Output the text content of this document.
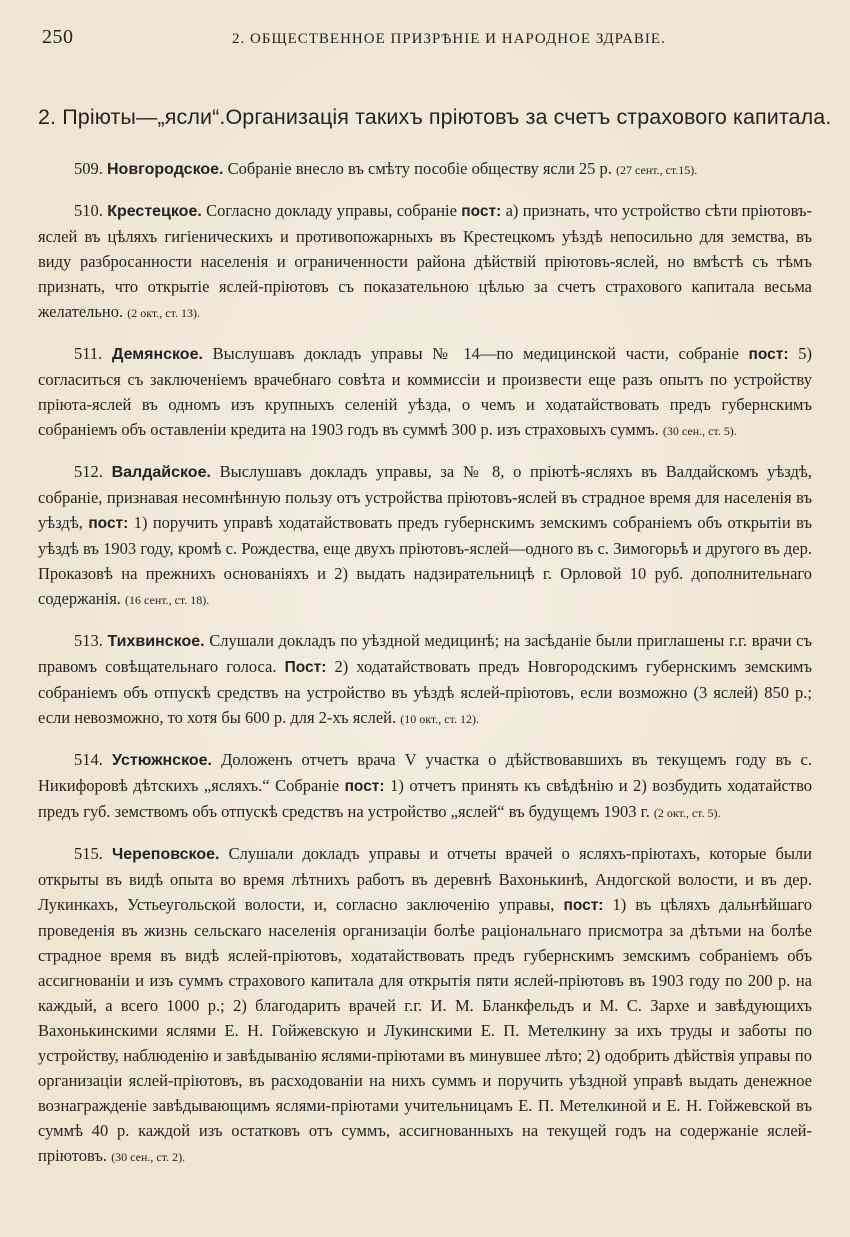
250	2. ОБЩЕСТВЕННОЕ ПРИЗРѢНІЕ И НАРОДНОЕ ЗДРАВІЕ.
2. Пріюты—„ясли“.Организація такихъ пріютовъ за счетъ страхового капитала.

509. Новгородское. Собраніе внесло въ смѣту пособіе обществу ясли 25 р. (27 сент., ст.15).

510. Крестецкое. Согласно докладу управы, собраніе пост: а) признать, что устройство сѣти пріютовъ-яслей въ цѣляхъ гигіеническихъ и противопожарныхъ въ Крестецкомъ уѣздѣ непосильно для земства, въ виду разбросанности населенія и ограниченности района дѣйствій пріютовъ-яслей, но вмѣстѣ съ тѣмъ признать, что открытіе яслей-пріютовъ съ показательною цѣлью за счетъ страхового капитала весьма желательно. (2 окт., ст. 13).

511. Демянское. Выслушавъ докладъ управы № 14—по медицинской части, собраніе пост: 5) согласиться съ заключеніемъ врачебнаго совѣта и коммиссіи и произвести еще разъ опытъ по устройству пріюта-яслей въ одномъ изъ крупныхъ селеній уѣзда, о чемъ и ходатайствовать предъ губернскимъ собраніемъ объ оставленіи кредита на 1903 годъ въ суммѣ 300 р. изъ страховыхъ суммъ. (30 сен., ст. 5).

512. Валдайское. Выслушавъ докладъ управы, за № 8, о пріютѣ-ясляхъ въ Валдайскомъ уѣздѣ, собраніе, признавая несомнѣнную пользу отъ устройства пріютовъ-яслей въ страдное время для населенія въ уѣздѣ, пост: 1) поручить управѣ ходатайствовать предъ губернскимъ земскимъ собраніемъ объ открытіи въ уѣздѣ въ 1903 году, кромѣ с. Рождества, еще двухъ пріютовъ-яслей—одного въ с. Зимогорьѣ и другого въ дер. Проказовѣ на прежнихъ основаніяхъ и 2) выдать надзирательницѣ г. Орловой 10 руб. дополнительнаго содержанія. (16 сент., ст. 18).

513. Тихвинское. Слушали докладъ по уѣздной медицинѣ; на засѣданіе были приглашены г.г. врачи съ правомъ совѣщательнаго голоса. Пост: 2) ходатайствовать предъ Новгородскимъ губернскимъ земскимъ собраніемъ объ отпускѣ средствъ на устройство въ уѣздѣ яслей-пріютовъ, если возможно (3 яслей) 850 р.; если невозможно, то хотя бы 600 р. для 2-хъ яслей. (10 окт., ст. 12).

514. Устюжнское. Доложенъ отчетъ врача V участка о дѣйствовавшихъ въ текущемъ году въ с. Никифоровѣ дѣтскихъ „ясляхъ.“ Собраніе пост: 1) отчетъ принять къ свѣдѣнію и 2) возбудить ходатайство предъ губ. земствомъ объ отпускѣ средствъ на устройство „яслей“ въ будущемъ 1903 г. (2 окт., ст. 5).

515. Череповское. Слушали докладъ управы и отчеты врачей о ясляхъ-пріютахъ, которые были открыты въ видѣ опыта во время лѣтнихъ работъ въ деревнѣ Вахонькинѣ, Андогской волости, и въ дер. Лукинкахъ, Устьеугольской волости, и, согласно заключенію управы, пост: 1) въ цѣляхъ дальнѣйшаго проведенія въ жизнь сельскаго населенія организаціи болѣе раціональнаго присмотра за дѣтьми на болѣе страдное время въ видѣ яслей-пріютовъ, ходатайствовать предъ губернскимъ земскимъ собраніемъ объ ассигнованіи и изъ суммъ страхового капитала для открытія пяти яслей-пріютовъ въ 1903 году по 200 р. на каждый, а всего 1000 р.; 2) благодарить врачей г.г. И. М. Бланкфельдъ и М. С. Зархе и завѣдующихъ Вахонькинскими яслями Е. Н. Гойжевскую и Лукинскими Е. П. Метелкину за ихъ труды и заботы по устройству, наблюденію и завѣдыванію яслями-пріютами въ минувшее лѣто; 2) одобрить дѣйствія управы по организаціи яслей-пріютовъ, въ расходованіи на нихъ суммъ и поручить уѣздной управѣ выдать денежное вознагражденіе завѣдывающимъ яслями-пріютами учительницамъ Е. П. Метелкиной и Е. Н. Гойжевской въ суммѣ 40 р. каждой изъ остатковъ отъ суммъ, ассигнованныхъ на текущей годъ на содержаніе яслей-пріютовъ. (30 сен., ст. 2).
